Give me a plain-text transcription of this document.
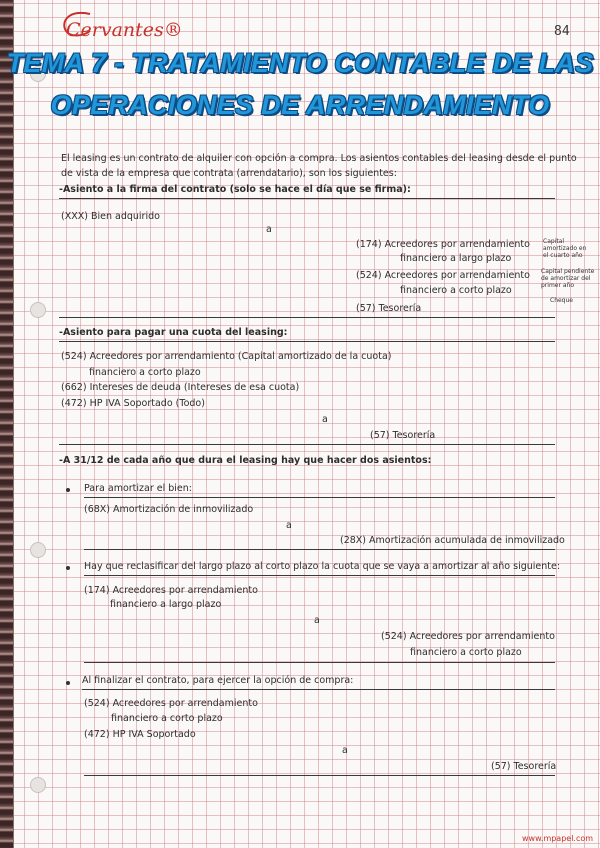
Cervantes®	84
TEMA 7 - TRATAMIENTO CONTABLE DE LAS
OPERACIONES DE ARRENDAMIENTO
El leasing es un contrato de alquiler con opción a compra. Los asientos contables del leasing desde el punto
de vista de la empresa que contrata (arrendatario), son los siguientes:
-Asiento a la firma del contrato (solo se hace el día que se firma):
(XXX) Bien adquirido
a
(174) Acreedores por arrendamiento
financiero a largo plazo
(524) Acreedores por arrendamiento
financiero a corto plazo
(57) Tesorería
Capital amortizado en el cuarto año
Capital pendiente de amortizar del primer año
Cheque
-Asiento para pagar una cuota del leasing:
(524) Acreedores por arrendamiento (Capital amortizado de la cuota)
financiero a corto plazo
(662) Intereses de deuda (Intereses de esa cuota)
(472) HP IVA Soportado (Todo)
a
(57) Tesorería
-A 31/12 de cada año que dura el leasing hay que hacer dos asientos:
Para amortizar el bien:
(68X) Amortización de inmovilizado
a
(28X) Amortización acumulada de inmovilizado
Hay que reclasificar del largo plazo al corto plazo la cuota que se vaya a amortizar al año siguiente:
(174) Acreedores por arrendamiento
financiero a largo plazo
a
(524) Acreedores por arrendamiento
financiero a corto plazo
Al finalizar el contrato, para ejercer la opción de compra:
(524) Acreedores por arrendamiento
financiero a corto plazo
(472) HP IVA Soportado
a
(57) Tesorería
www.mpapel.com
